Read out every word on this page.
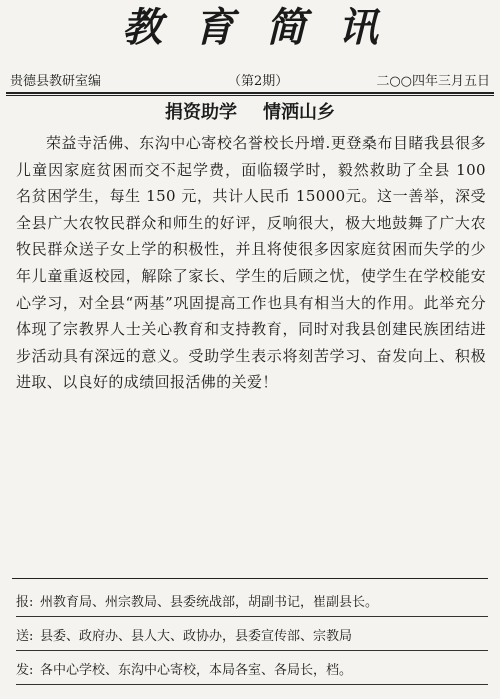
教育简讯
贵德县教研室编	（第2期）	二○○四年三月五日
捐资助学 情洒山乡

荣益寺活佛、东沟中心寄校名誉校长丹增.更登桑布目睹我县很多儿童因家庭贫困而交不起学费，面临辍学时，毅然救助了全县 100 名贫困学生，每生 150 元，共计人民币 15000元。这一善举，深受全县广大农牧民群众和师生的好评，反响很大，极大地鼓舞了广大农牧民群众送子女上学的积极性，并且将使很多因家庭贫困而失学的少年儿童重返校园，解除了家长、学生的后顾之忧，使学生在学校能安心学习，对全县“两基”巩固提高工作也具有相当大的作用。此举充分体现了宗教界人士关心教育和支持教育，同时对我县创建民族团结进步活动具有深远的意义。受助学生表示将刻苦学习、奋发向上、积极进取、以良好的成绩回报活佛的关爱！

报: 州教育局、州宗教局、县委统战部，胡副书记，崔副县长。
送: 县委、政府办、县人大、政协办，县委宣传部、宗教局
发: 各中心学校、东沟中心寄校，本局各室、各局长，档。
